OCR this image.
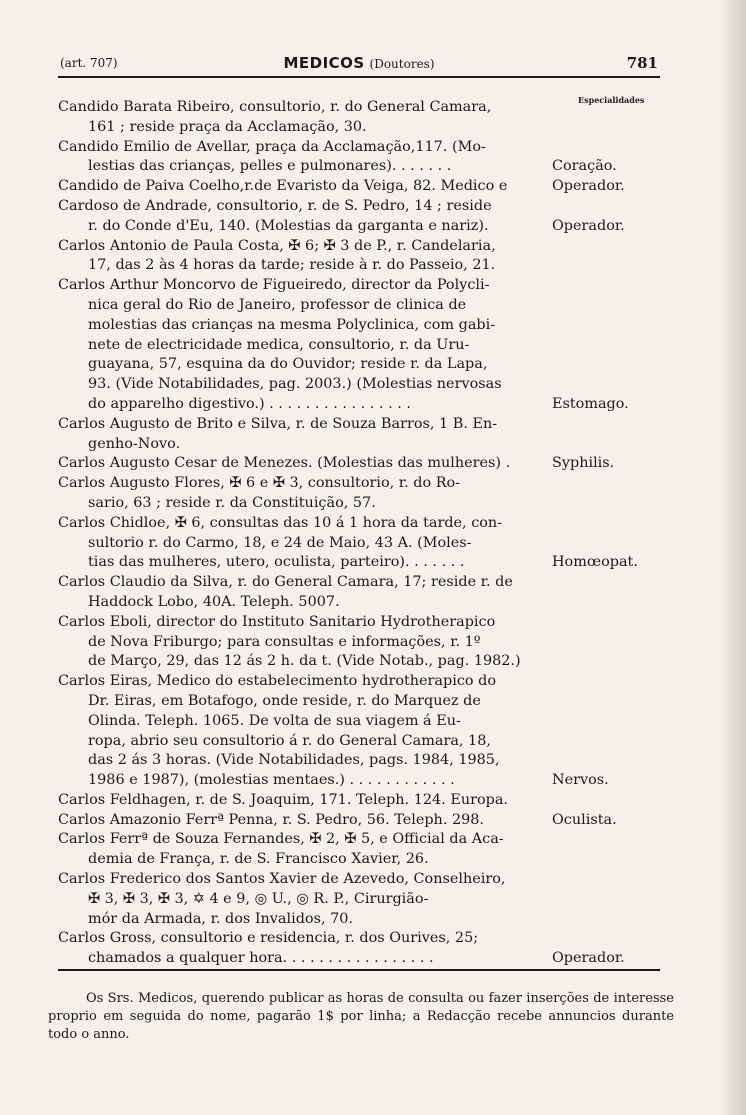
(art. 707)	MEDICOS (Doutores)	781
Especialidades
Candido Barata Ribeiro, consultorio, r. do General Camara,
161 ; reside praça da Acclamação, 30.
Candido Emilio de Avellar, praça da Acclamação,117. (Mo-
lestias das crianças, pelles e pulmonares). . . . . . .	Coração.
Candido de Paiva Coelho,r.de Evaristo da Veiga, 82. Medico e	Operador.
Cardoso de Andrade, consultorio, r. de S. Pedro, 14 ; reside
r. do Conde d'Eu, 140. (Molestias da garganta e nariz).	Operador.
Carlos Antonio de Paula Costa, ✠ 6; ✠ 3 de P., r. Candelaria,
17, das 2 às 4 horas da tarde; reside à r. do Passeio, 21.
Carlos Arthur Moncorvo de Figueiredo, director da Polycli-
nica geral do Rio de Janeiro, professor de clinica de
molestias das crianças na mesma Polyclinica, com gabi-
nete de electricidade medica, consultorio, r. da Uru-
guayana, 57, esquina da do Ouvidor; reside r. da Lapa,
93. (Vide Notabilidades, pag. 2003.) (Molestias nervosas
do apparelho digestivo.) . . . . . . . . . . . . . . . .	Estomago.
Carlos Augusto de Brito e Silva, r. de Souza Barros, 1 B. En-
genho-Novo.
Carlos Augusto Cesar de Menezes. (Molestias das mulheres) .	Syphilis.
Carlos Augusto Flores, ✠ 6 e ✠ 3, consultorio, r. do Ro-
sario, 63 ; reside r. da Constituição, 57.
Carlos Chidloe, ✠ 6, consultas das 10 á 1 hora da tarde, con-
sultorio r. do Carmo, 18, e 24 de Maio, 43 A. (Moles-
tias das mulheres, utero, oculista, parteiro). . . . . . .	Homœopat.
Carlos Claudio da Silva, r. do General Camara, 17; reside r. de
Haddock Lobo, 40A. Teleph. 5007.
Carlos Eboli, director do Instituto Sanitario Hydrotherapico
de Nova Friburgo; para consultas e informações, r. 1º
de Março, 29, das 12 ás 2 h. da t. (Vide Notab., pag. 1982.)
Carlos Eiras, Medico do estabelecimento hydrotherapico do
Dr. Eiras, em Botafogo, onde reside, r. do Marquez de
Olinda. Teleph. 1065. De volta de sua viagem á Eu-
ropa, abrio seu consultorio á r. do General Camara, 18,
das 2 ás 3 horas. (Vide Notabilidades, pags. 1984, 1985,
1986 e 1987), (molestias mentaes.) . . . . . . . . . . . .	Nervos.
Carlos Feldhagen, r. de S. Joaquim, 171. Teleph. 124. Europa.
Carlos Amazonio Ferrª Penna, r. S. Pedro, 56. Teleph. 298.	Oculista.
Carlos Ferrª de Souza Fernandes, ✠ 2, ✠ 5, e Official da Aca-
demia de França, r. de S. Francisco Xavier, 26.
Carlos Frederico dos Santos Xavier de Azevedo, Conselheiro,
✠ 3, ✠ 3, ✠ 3, ✡ 4 e 9, ◎ U., ◎ R. P., Cirurgião-
mór da Armada, r. dos Invalidos, 70.
Carlos Gross, consultorio e residencia, r. dos Ourives, 25;
chamados a qualquer hora. . . . . . . . . . . . . . . . .	Operador.
Os Srs. Medicos, querendo publicar as horas de consulta ou fazer inserções de interesse proprio em seguida do nome, pagarão 1$ por linha; a Redacção recebe annuncios durante todo o anno.
